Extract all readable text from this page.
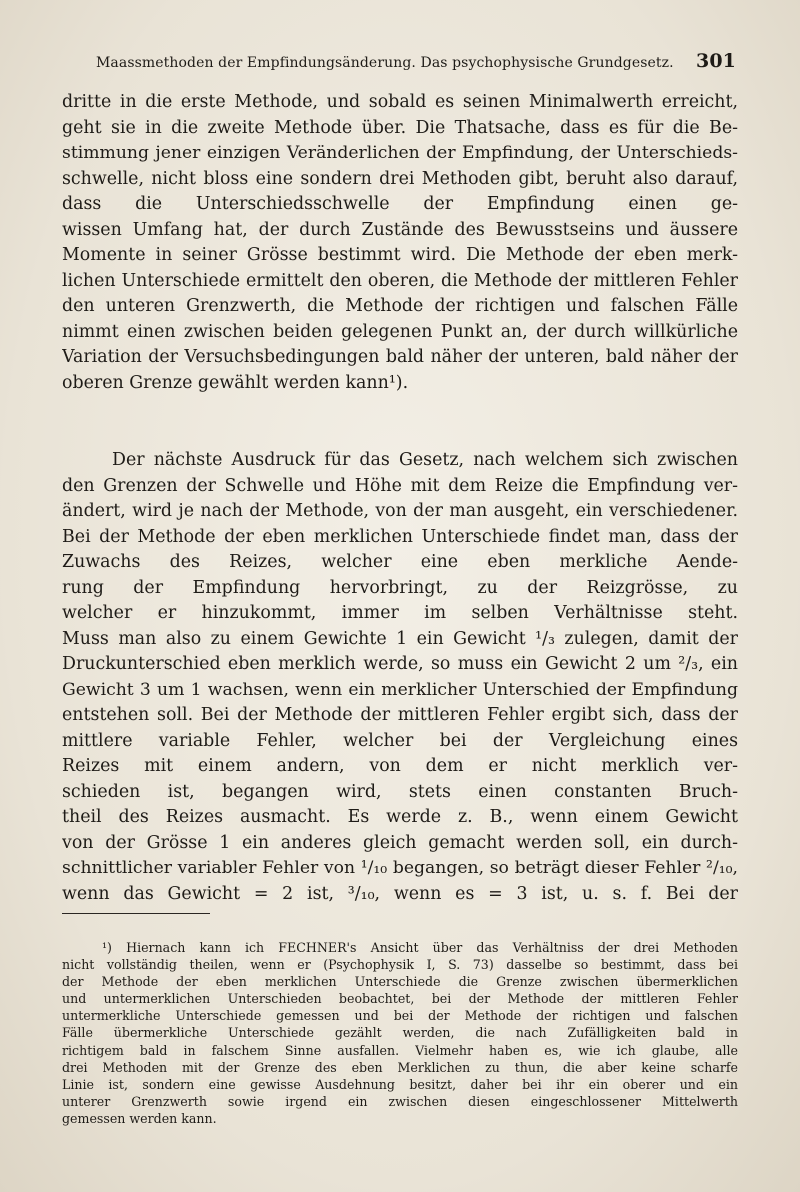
Maassmethoden der Empfindungsänderung. Das psychophysische Grundgesetz. 301
dritte in die erste Methode, und sobald es seinen Minimalwerth erreicht,
geht sie in die zweite Methode über. Die Thatsache, dass es für die Be-
stimmung jener einzigen Veränderlichen der Empfindung, der Unterschieds-
schwelle, nicht bloss eine sondern drei Methoden gibt, beruht also darauf,
dass die Unterschiedsschwelle der Empfindung einen ge-
wissen Umfang hat, der durch Zustände des Bewusstseins und äussere
Momente in seiner Grösse bestimmt wird. Die Methode der eben merk-
lichen Unterschiede ermittelt den oberen, die Methode der mittleren Fehler
den unteren Grenzwerth, die Methode der richtigen und falschen Fälle
nimmt einen zwischen beiden gelegenen Punkt an, der durch willkürliche
Variation der Versuchsbedingungen bald näher der unteren, bald näher der
oberen Grenze gewählt werden kann¹).
Der nächste Ausdruck für das Gesetz, nach welchem sich zwischen
den Grenzen der Schwelle und Höhe mit dem Reize die Empfindung ver-
ändert, wird je nach der Methode, von der man ausgeht, ein verschiedener.
Bei der Methode der eben merklichen Unterschiede findet man, dass der
Zuwachs des Reizes, welcher eine eben merkliche Aende-
rung der Empfindung hervorbringt, zu der Reizgrösse, zu
welcher er hinzukommt, immer im selben Verhältnisse steht.
Muss man also zu einem Gewichte 1 ein Gewicht ¹/₃ zulegen, damit der
Druckunterschied eben merklich werde, so muss ein Gewicht 2 um ²/₃, ein
Gewicht 3 um 1 wachsen, wenn ein merklicher Unterschied der Empfindung
entstehen soll. Bei der Methode der mittleren Fehler ergibt sich, dass der
mittlere variable Fehler, welcher bei der Vergleichung eines
Reizes mit einem andern, von dem er nicht merklich ver-
schieden ist, begangen wird, stets einen constanten Bruch-
theil des Reizes ausmacht. Es werde z. B., wenn einem Gewicht
von der Grösse 1 ein anderes gleich gemacht werden soll, ein durch-
schnittlicher variabler Fehler von ¹/₁₀ begangen, so beträgt dieser Fehler ²/₁₀,
wenn das Gewicht = 2 ist, ³/₁₀, wenn es = 3 ist, u. s. f. Bei der
¹) Hiernach kann ich FECHNER's Ansicht über das Verhältniss der drei Methoden
nicht vollständig theilen, wenn er (Psychophysik I, S. 73) dasselbe so bestimmt, dass bei
der Methode der eben merklichen Unterschiede die Grenze zwischen übermerklichen
und untermerklichen Unterschieden beobachtet, bei der Methode der mittleren Fehler
untermerkliche Unterschiede gemessen und bei der Methode der richtigen und falschen
Fälle übermerkliche Unterschiede gezählt werden, die nach Zufälligkeiten bald in
richtigem bald in falschem Sinne ausfallen. Vielmehr haben es, wie ich glaube, alle
drei Methoden mit der Grenze des eben Merklichen zu thun, die aber keine scharfe
Linie ist, sondern eine gewisse Ausdehnung besitzt, daher bei ihr ein oberer und ein
unterer Grenzwerth sowie irgend ein zwischen diesen eingeschlossener Mittelwerth
gemessen werden kann.
